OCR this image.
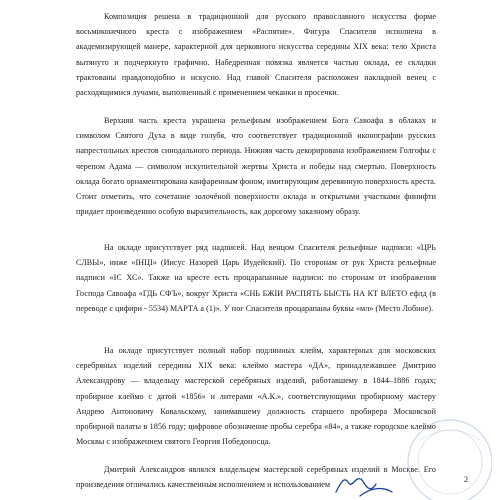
Композиция решена в традиционной для русского православного искусства форме восьмиконечного креста с изображением «Распятие». Фигура Спасителя исполнена в академизирующей манере, характерной для церковного искусства середины XIX века: тело Христа вытянуто и подчеркнуто графично. Набедренная повязка является частью оклада, ее складки трактованы правдоподобно и искусно. Над главой Спасителя расположен накладной венец с расходящимися лучами, выполненный с применением чеканки и просечки.

Верхняя часть креста украшена рельефным изображением Бога Савоафа в облаках и символом Святого Духа в виде голубя, что соответствует традиционной иконографии русских напрестольных крестов синодального периода. Нижняя часть декорирована изображением Голгофы с черепом Адама — символом искупительной жертвы Христа и победы над смертью. Поверхность оклада богато орнаментирована канфаренным фоном, имитирующим деревянную поверхность креста. Стоит отметить, что сочетание золочёной поверхности оклада и открытыми участками финифти придает произведению особую выразительность, как дорогому заказному образу.

На окладе присутствует ряд надписей. Над венцом Спасителя рельефные надписи: «ЦРЬ СЛВЫ», ниже «ІНЦІ» (Иисус Назорей Царь Иудейский). По сторонам от рук Христа рельефные надписи «IС ХС». Также на кресте есть процарапанные надписи: по сторонам от изображения Господа Савоафа «ГДЬ СФЪ», вокруг Христа «СНЬ БЖІИ РАСПЯТЬ БЫСТЬ НА КТ ВЛЕТО ефлд (в переводе с цифири - 5534) МАРТА а (1)». У ног Спасителя процарапаны буквы «мл» (Место Лобное).

На окладе присутствует полный набор подлинных клейм, характерных для московских серебряных изделий середины XIX века: клеймо мастера «ДА», принадлежавшее Дмитрию Александрову — владельцу мастерской серебряных изделий, работавшему в 1844–1886 годах; пробирное клеймо с датой «1856» и литерами «А.К.», соответствующими пробирному мастеру Андрею Антоновичу Ковальскому, занимавшему должность старшего пробирера Московской пробирной палаты в 1856 году; цифровое обозначение пробы серебра «84», а также городское клеймо Москвы с изображением святого Георгия Победоносца.

Дмитрий Александров являлся владельцем мастерской серебряных изделий в Москве. Его произведения отличались качественным исполнением и использованием

2
